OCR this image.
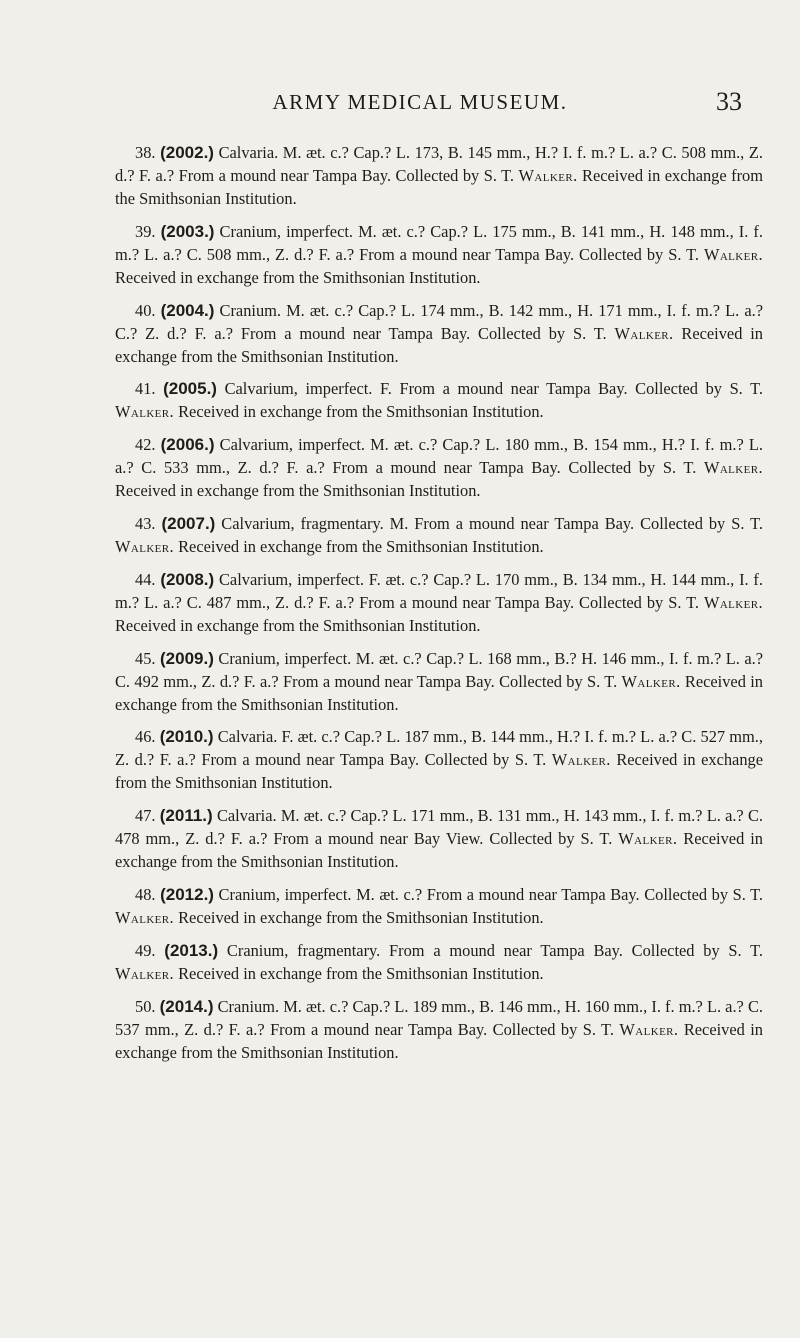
ARMY MEDICAL MUSEUM.	33

38. (2002.) Calvaria. M. æt. c.? Cap.? L. 173, B. 145 mm., H.? I. f. m.? L. a.? C. 508 mm., Z. d.? F. a.? From a mound near Tampa Bay. Collected by S. T. Walker. Received in exchange from the Smithsonian Institution.

39. (2003.) Cranium, imperfect. M. æt. c.? Cap.? L. 175 mm., B. 141 mm., H. 148 mm., I. f. m.? L. a.? C. 508 mm., Z. d.? F. a.? From a mound near Tampa Bay. Collected by S. T. Walker. Received in exchange from the Smithsonian Institution.

40. (2004.) Cranium. M. æt. c.? Cap.? L. 174 mm., B. 142 mm., H. 171 mm., I. f. m.? L. a.? C.? Z. d.? F. a.? From a mound near Tampa Bay. Collected by S. T. Walker. Received in exchange from the Smithsonian Institution.

41. (2005.) Calvarium, imperfect. F. From a mound near Tampa Bay. Collected by S. T. Walker. Received in exchange from the Smithsonian Institution.

42. (2006.) Calvarium, imperfect. M. æt. c.? Cap.? L. 180 mm., B. 154 mm., H.? I. f. m.? L. a.? C. 533 mm., Z. d.? F. a.? From a mound near Tampa Bay. Collected by S. T. Walker. Received in exchange from the Smithsonian Institution.

43. (2007.) Calvarium, fragmentary. M. From a mound near Tampa Bay. Collected by S. T. Walker. Received in exchange from the Smithsonian Institution.

44. (2008.) Calvarium, imperfect. F. æt. c.? Cap.? L. 170 mm., B. 134 mm., H. 144 mm., I. f. m.? L. a.? C. 487 mm., Z. d.? F. a.? From a mound near Tampa Bay. Collected by S. T. Walker. Received in exchange from the Smithsonian Institution.

45. (2009.) Cranium, imperfect. M. æt. c.? Cap.? L. 168 mm., B.? H. 146 mm., I. f. m.? L. a.? C. 492 mm., Z. d.? F. a.? From a mound near Tampa Bay. Collected by S. T. Walker. Received in exchange from the Smithsonian Institution.

46. (2010.) Calvaria. F. æt. c.? Cap.? L. 187 mm., B. 144 mm., H.? I. f. m.? L. a.? C. 527 mm., Z. d.? F. a.? From a mound near Tampa Bay. Collected by S. T. Walker. Received in exchange from the Smithsonian Institution.

47. (2011.) Calvaria. M. æt. c.? Cap.? L. 171 mm., B. 131 mm., H. 143 mm., I. f. m.? L. a.? C. 478 mm., Z. d.? F. a.? From a mound near Bay View. Collected by S. T. Walker. Received in exchange from the Smithsonian Institution.

48. (2012.) Cranium, imperfect. M. æt. c.? From a mound near Tampa Bay. Collected by S. T. Walker. Received in exchange from the Smithsonian Institution.

49. (2013.) Cranium, fragmentary. From a mound near Tampa Bay. Collected by S. T. Walker. Received in exchange from the Smithsonian Institution.

50. (2014.) Cranium. M. æt. c.? Cap.? L. 189 mm., B. 146 mm., H. 160 mm., I. f. m.? L. a.? C. 537 mm., Z. d.? F. a.? From a mound near Tampa Bay. Collected by S. T. Walker. Received in exchange from the Smithsonian Institution.
